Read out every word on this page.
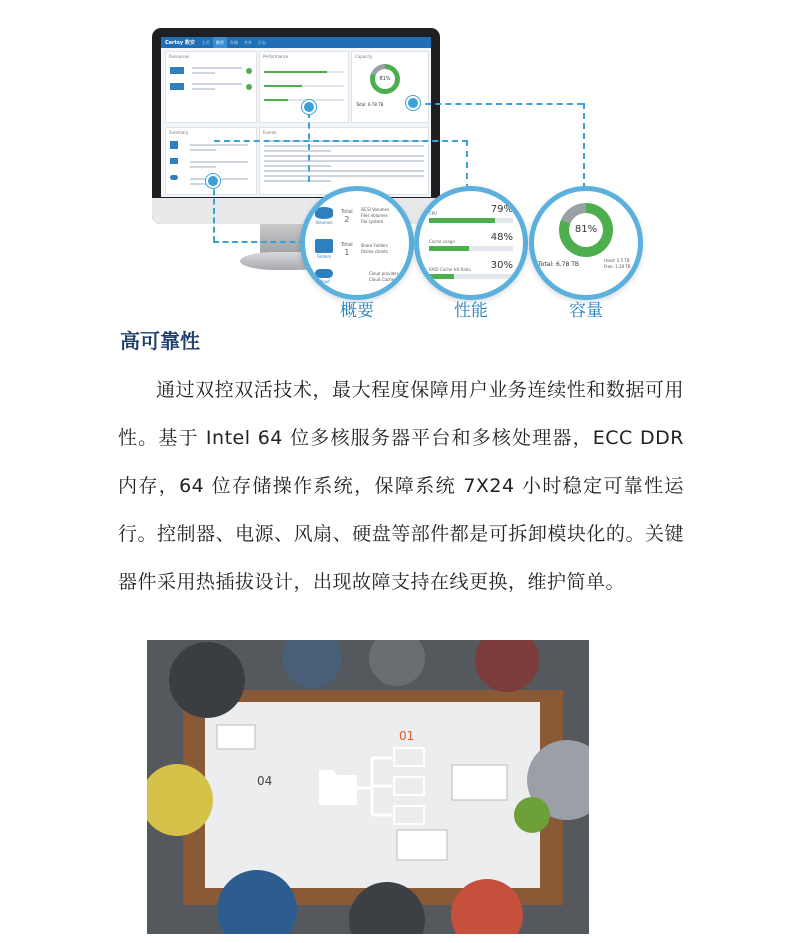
Certsy 数安	主页	概要	存储	共享	日志
Resources	Performance	Capacity
81%
Total: 6.78 TB
Summary	Events
Volumes
Total
2
iSCSI Volumes
Files Volumes
File system
Folders
Total
1
Share Folders
Online clients
Cloud
Cloud provider
Cloud Caches
概要
CPU	79%
Cache usage	48%
RAID Cache Hit Ratio	30%
性能
81%
Total: 6.78 TB
Used: 5.5 TB
Free: 1.28 TB
容量
高可靠性
通过双控双活技术，最大程度保障用户业务连续性和数据可用性。基于 Intel 64 位多核服务器平台和多核处理器，ECC DDR 内存，64 位存储操作系统，保障系统 7X24 小时稳定可靠性运行。控制器、电源、风扇、硬盘等部件都是可拆卸模块化的。关键器件采用热插拔设计，出现故障支持在线更换，维护简单。
01
04
